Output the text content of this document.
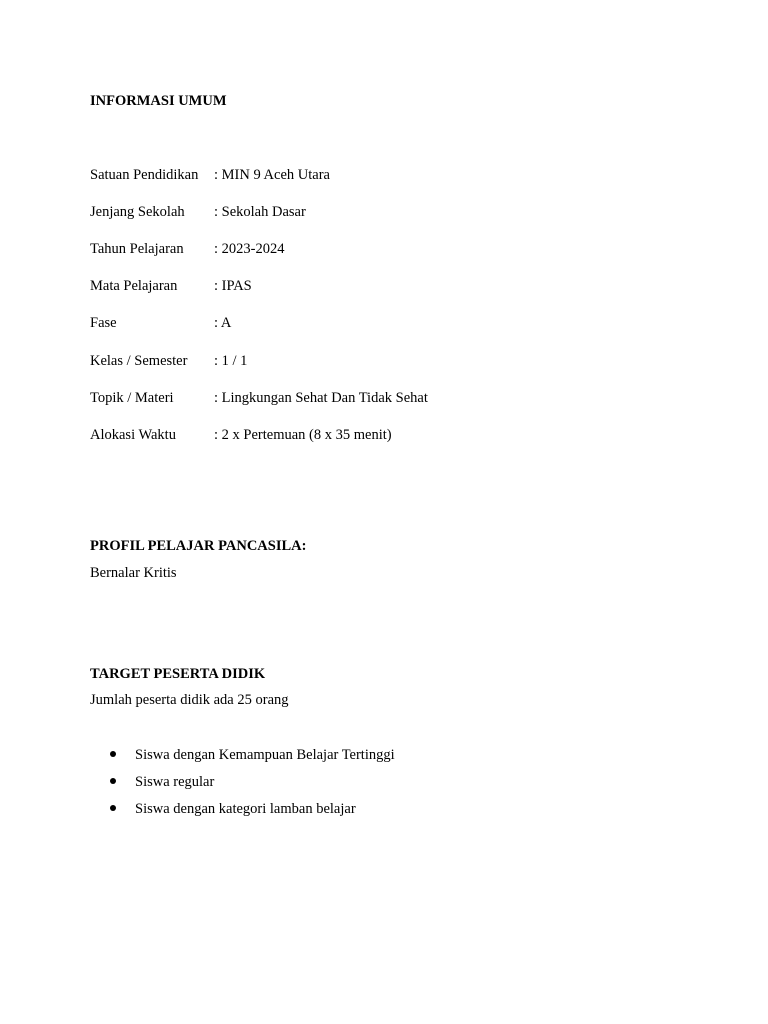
INFORMASI UMUM
Satuan Pendidikan : MIN 9 Aceh Utara
Jenjang Sekolah : Sekolah Dasar
Tahun Pelajaran : 2023-2024
Mata Pelajaran	: IPAS
Fase	: A
Kelas / Semester : 1 / 1
Topik / Materi	: Lingkungan Sehat Dan Tidak Sehat
Alokasi Waktu	: 2 x Pertemuan (8 x 35 menit)
PROFIL PELAJAR PANCASILA:
Bernalar Kritis
TARGET PESERTA DIDIK
Jumlah peserta didik ada 25 orang
Siswa dengan Kemampuan Belajar Tertinggi
Siswa regular
Siswa dengan kategori lamban belajar
